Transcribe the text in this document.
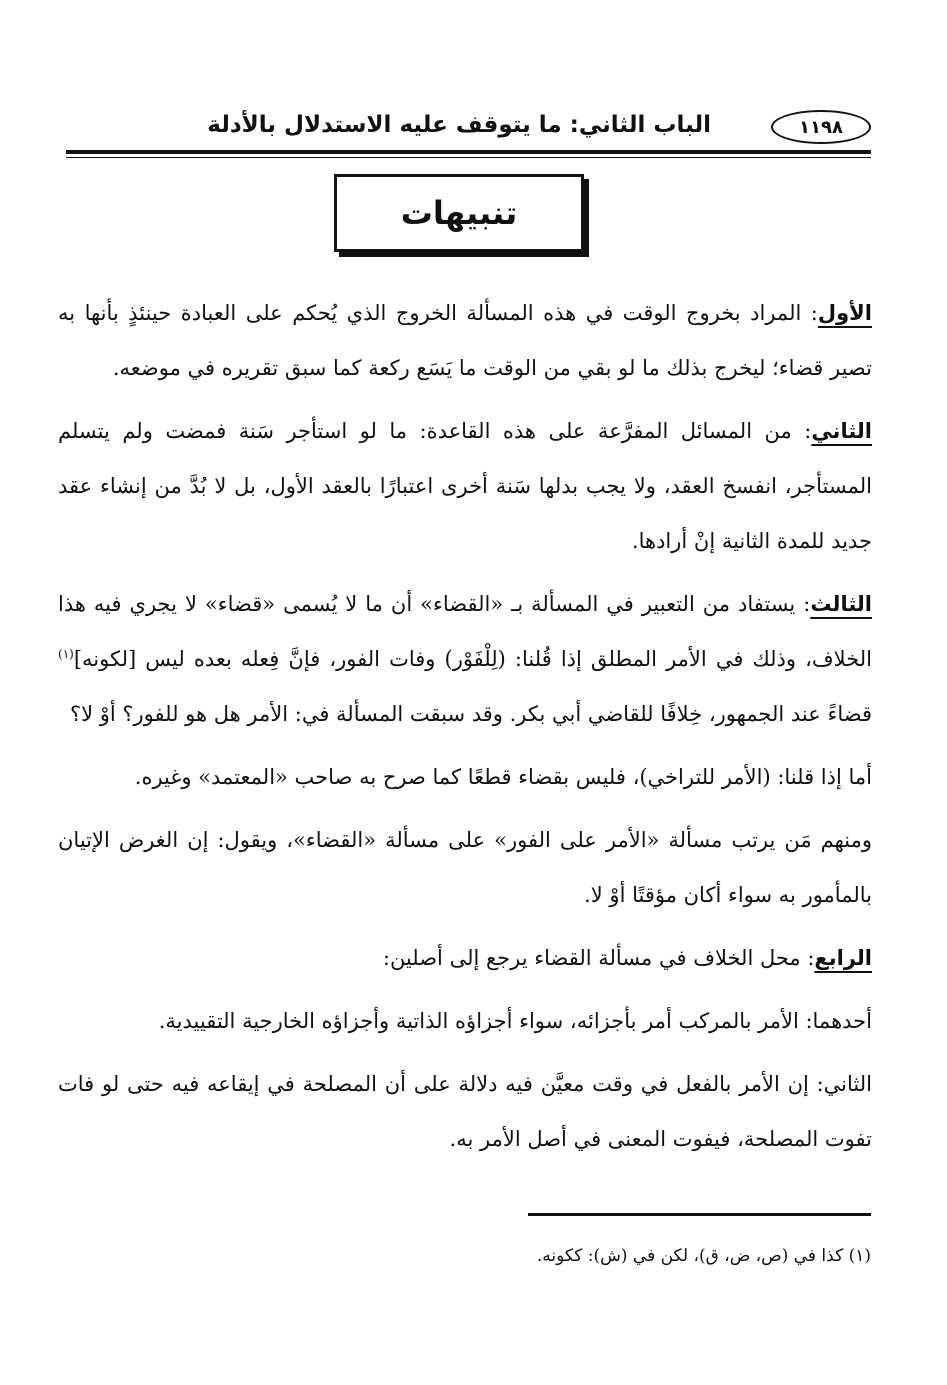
١١٩٨
الباب الثاني: ما يتوقف عليه الاستدلال بالأدلة
تنبيهات

الأول: المراد بخروج الوقت في هذه المسألة الخروج الذي يُحكم على العبادة حينئذٍ بأنها به تصير قضاء؛ ليخرج بذلك ما لو بقي من الوقت ما يَسَع ركعة كما سبق تقريره في موضعه.

الثاني: من المسائل المفرَّعة على هذه القاعدة: ما لو استأجر سَنة فمضت ولم يتسلم المستأجر، انفسخ العقد، ولا يجب بدلها سَنة أخرى اعتبارًا بالعقد الأول، بل لا بُدَّ من إنشاء عقد جديد للمدة الثانية إنْ أرادها.

الثالث: يستفاد من التعبير في المسألة بـ «القضاء» أن ما لا يُسمى «قضاء» لا يجري فيه هذا الخلاف، وذلك في الأمر المطلق إذا قُلنا: (لِلْفَوْر) وفات الفور، فإنَّ فِعله بعده ليس [لكونه]$^{(١)}$ قضاءً عند الجمهور، خِلافًا للقاضي أبي بكر. وقد سبقت المسألة في: الأمر هل هو للفور؟ أوْ لا؟

أما إذا قلنا: (الأمر للتراخي)، فليس بقضاء قطعًا كما صرح به صاحب «المعتمد» وغيره.

ومنهم مَن يرتب مسألة «الأمر على الفور» على مسألة «القضاء»، ويقول: إن الغرض الإتيان بالمأمور به سواء أكان مؤقتًا أوْ لا.

الرابع: محل الخلاف في مسألة القضاء يرجع إلى أصلين:

أحدهما: الأمر بالمركب أمر بأجزائه، سواء أجزاؤه الذاتية وأجزاؤه الخارجية التقييدية.

الثاني: إن الأمر بالفعل في وقت معيَّن فيه دلالة على أن المصلحة في إيقاعه فيه حتى لو فات تفوت المصلحة، فيفوت المعنى في أصل الأمر به.

(١) كذا في (ص، ض، ق)، لكن في (ش): ككونه.
